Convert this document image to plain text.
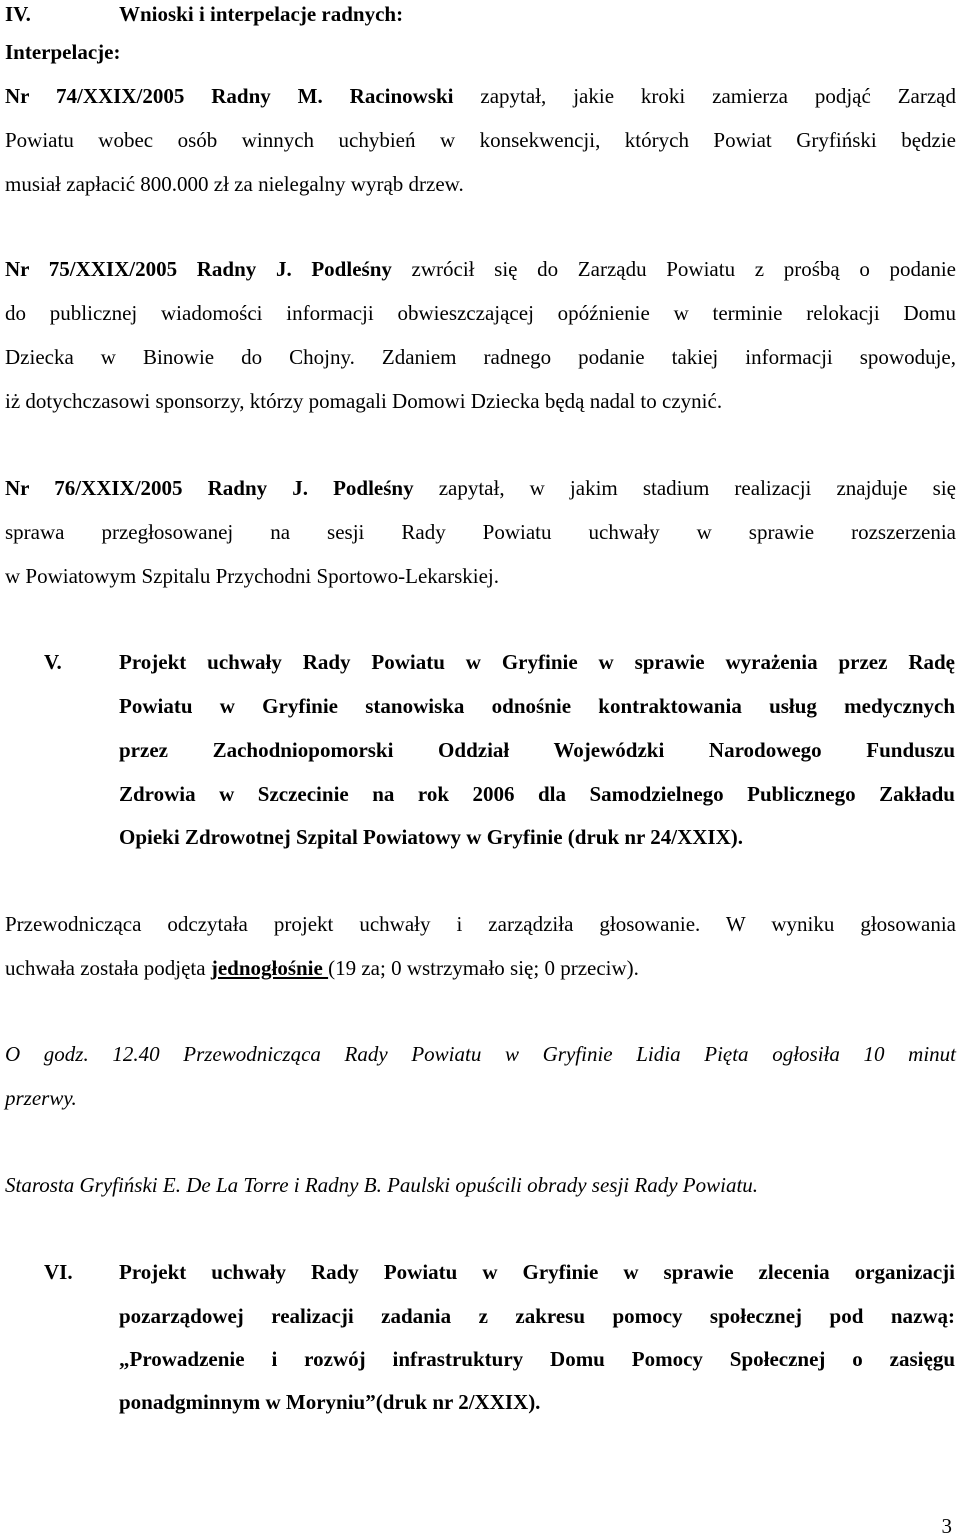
IV.	Wnioski i interpelacje radnych:
Interpelacje:
Nr 74/XXIX/2005 Radny M. Racinowski zapytał, jakie kroki zamierza podjąć Zarząd
Powiatu wobec osób winnych uchybień w konsekwencji, których Powiat Gryfiński będzie
musiał zapłacić 800.000 zł za nielegalny wyrąb drzew.
Nr 75/XXIX/2005 Radny J. Podleśny zwrócił się do Zarządu Powiatu z prośbą o podanie
do publicznej wiadomości informacji obwieszczającej opóźnienie w terminie relokacji Domu
Dziecka w Binowie do Chojny. Zdaniem radnego podanie takiej informacji spowoduje,
iż dotychczasowi sponsorzy, którzy pomagali Domowi Dziecka będą nadal to czynić.
Nr 76/XXIX/2005 Radny J. Podleśny zapytał, w jakim stadium realizacji znajduje się
sprawa przegłosowanej na sesji Rady Powiatu uchwały w sprawie rozszerzenia
w Powiatowym Szpitalu Przychodni Sportowo-Lekarskiej.
V.	Projekt uchwały Rady Powiatu w Gryfinie w sprawie wyrażenia przez Radę
Powiatu w Gryfinie stanowiska odnośnie kontraktowania usług medycznych
przez Zachodniopomorski Oddział Wojewódzki Narodowego Funduszu
Zdrowia w Szczecinie na rok 2006 dla Samodzielnego Publicznego Zakładu
Opieki Zdrowotnej Szpital Powiatowy w Gryfinie (druk nr 24/XXIX).
Przewodnicząca odczytała projekt uchwały i zarządziła głosowanie. W wyniku głosowania
uchwała została podjęta jednogłośnie (19 za; 0 wstrzymało się; 0 przeciw).
O godz. 12.40 Przewodnicząca Rady Powiatu w Gryfinie Lidia Pięta ogłosiła 10 minut
przerwy.
Starosta Gryfiński E. De La Torre i Radny B. Paulski opuścili obrady sesji Rady Powiatu.
VI. Projekt uchwały Rady Powiatu w Gryfinie w sprawie zlecenia organizacji
pozarządowej realizacji zadania z zakresu pomocy społecznej pod nazwą:
„Prowadzenie i rozwój infrastruktury Domu Pomocy Społecznej o zasięgu
ponadgminnym w Moryniu”(druk nr 2/XXIX).
3
